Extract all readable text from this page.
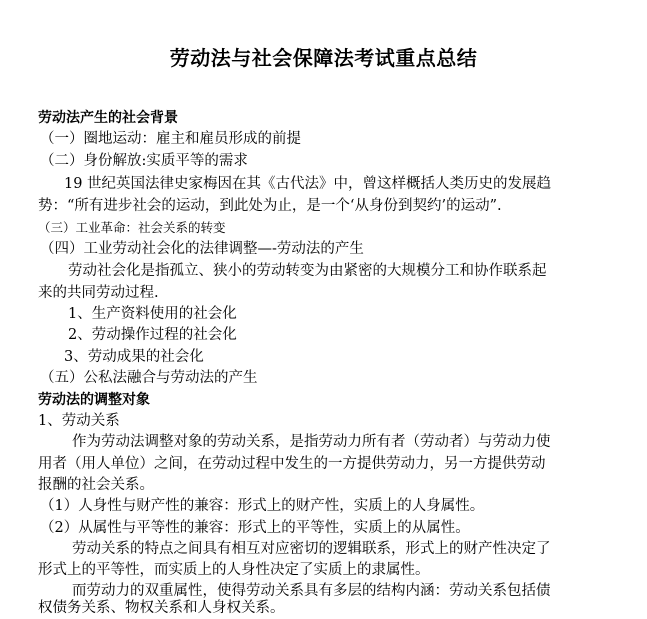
劳动法与社会保障法考试重点总结
劳动法产生的社会背景
（一）圈地运动：雇主和雇员形成的前提
（二）身份解放:实质平等的需求
19 世纪英国法律史家梅因在其《古代法》中，曾这样概括人类历史的发展趋
势：“所有进步社会的运动，到此处为止，是一个‘从身份到契约’的运动”.
（三）工业革命：社会关系的转变
（四）工业劳动社会化的法律调整—-劳动法的产生
劳动社会化是指孤立、狭小的劳动转变为由紧密的大规模分工和协作联系起
来的共同劳动过程.
1、生产资料使用的社会化
2、劳动操作过程的社会化
3、劳动成果的社会化
（五）公私法融合与劳动法的产生
劳动法的调整对象
1、劳动关系
作为劳动法调整对象的劳动关系，是指劳动力所有者（劳动者）与劳动力使
用者（用人单位）之间，在劳动过程中发生的一方提供劳动力，另一方提供劳动
报酬的社会关系。
（1）人身性与财产性的兼容：形式上的财产性，实质上的人身属性。
（2）从属性与平等性的兼容：形式上的平等性，实质上的从属性。
劳动关系的特点之间具有相互对应密切的逻辑联系，形式上的财产性决定了
形式上的平等性，而实质上的人身性决定了实质上的隶属性。
而劳动力的双重属性，使得劳动关系具有多层的结构内涵：劳动关系包括债
权债务关系、物权关系和人身权关系。
